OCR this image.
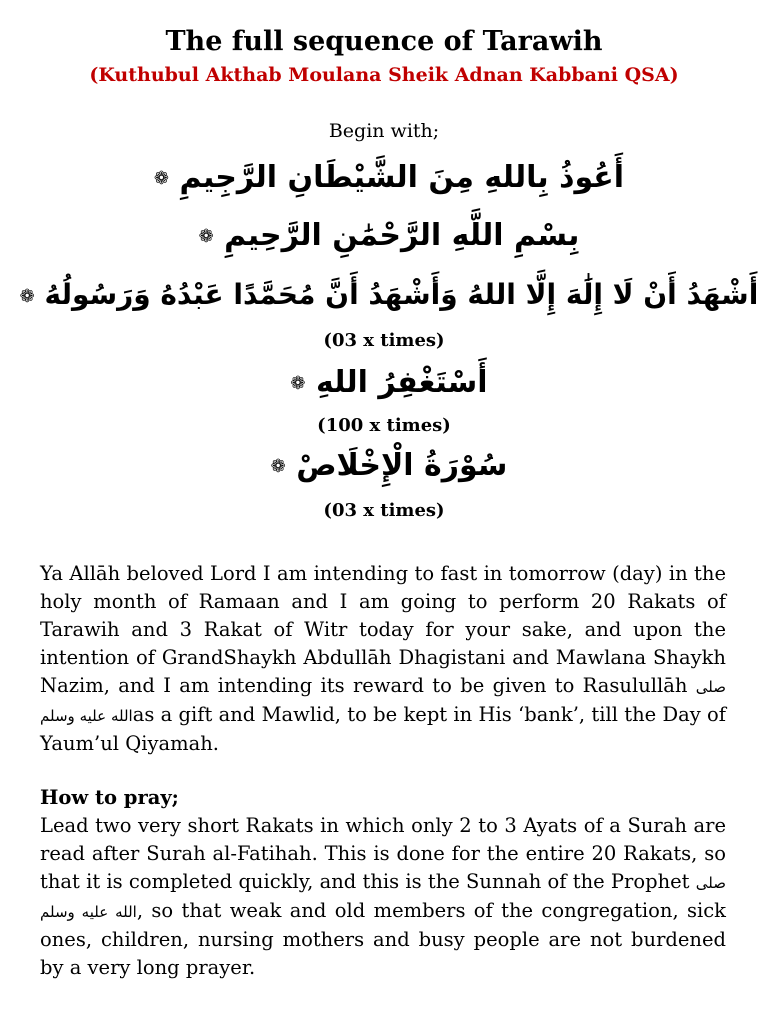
The full sequence of Tarawih
(Kuthubul Akthab Moulana Sheik Adnan Kabbani QSA)
Begin with;
أَعُوذُ بِاللهِ مِنَ الشَّيْطَانِ الرَّجِيمِ ❁
بِسْمِ اللَّهِ الرَّحْمَٰنِ الرَّحِيمِ ❁
أَشْهَدُ أَنْ لَا إِلَٰهَ إِلَّا اللهُ وَأَشْهَدُ أَنَّ مُحَمَّدًا عَبْدُهُ وَرَسُولُهُ ❁
(03 x times)
أَسْتَغْفِرُ اللهِ ❁
(100 x times)
سُوْرَةُ الْإِخْلَاصْ ❁
(03 x times)
Ya Allāh beloved Lord I am intending to fast in tomorrow (day) in the holy month of Ramaan and I am going to perform 20 Rakats of Tarawih and 3 Rakat of Witr today for your sake, and upon the intention of GrandShaykh Abdullāh Dhagistani and Mawlana Shaykh Nazim, and I am intending its reward to be given to Rasulullāh صلى الله عليه وسلمas a gift and Mawlid, to be kept in His ‘bank’, till the Day of Yaum’ul Qiyamah.
How to pray;
Lead two very short Rakats in which only 2 to 3 Ayats of a Surah are read after Surah al-Fatihah. This is done for the entire 20 Rakats, so that it is completed quickly, and this is the Sunnah of the Prophet صلى الله عليه وسلم, so that weak and old members of the congregation, sick ones, children, nursing mothers and busy people are not burdened by a very long prayer.
